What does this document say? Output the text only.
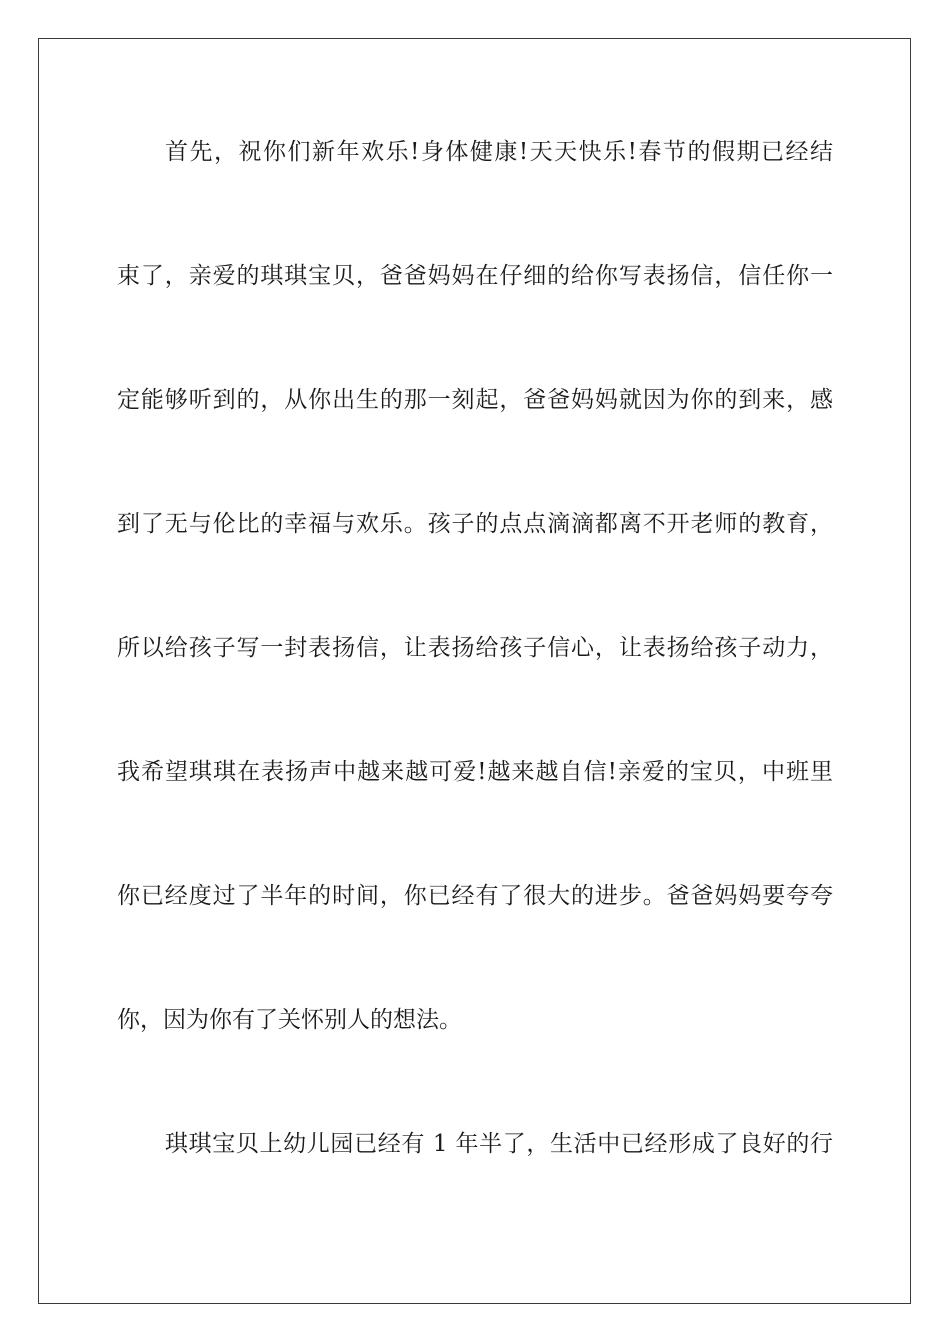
首先，祝你们新年欢乐!身体健康!天天快乐!春节的假期已经结
束了，亲爱的琪琪宝贝，爸爸妈妈在仔细的给你写表扬信，信任你一
定能够听到的，从你出生的那一刻起，爸爸妈妈就因为你的到来，感
到了无与伦比的幸福与欢乐。孩子的点点滴滴都离不开老师的教育，
所以给孩子写一封表扬信，让表扬给孩子信心，让表扬给孩子动力，
我希望琪琪在表扬声中越来越可爱!越来越自信!亲爱的宝贝，中班里
你已经度过了半年的时间，你已经有了很大的进步。爸爸妈妈要夸夸
你，因为你有了关怀别人的想法。
琪琪宝贝上幼儿园已经有 1 年半了，生活中已经形成了良好的行
